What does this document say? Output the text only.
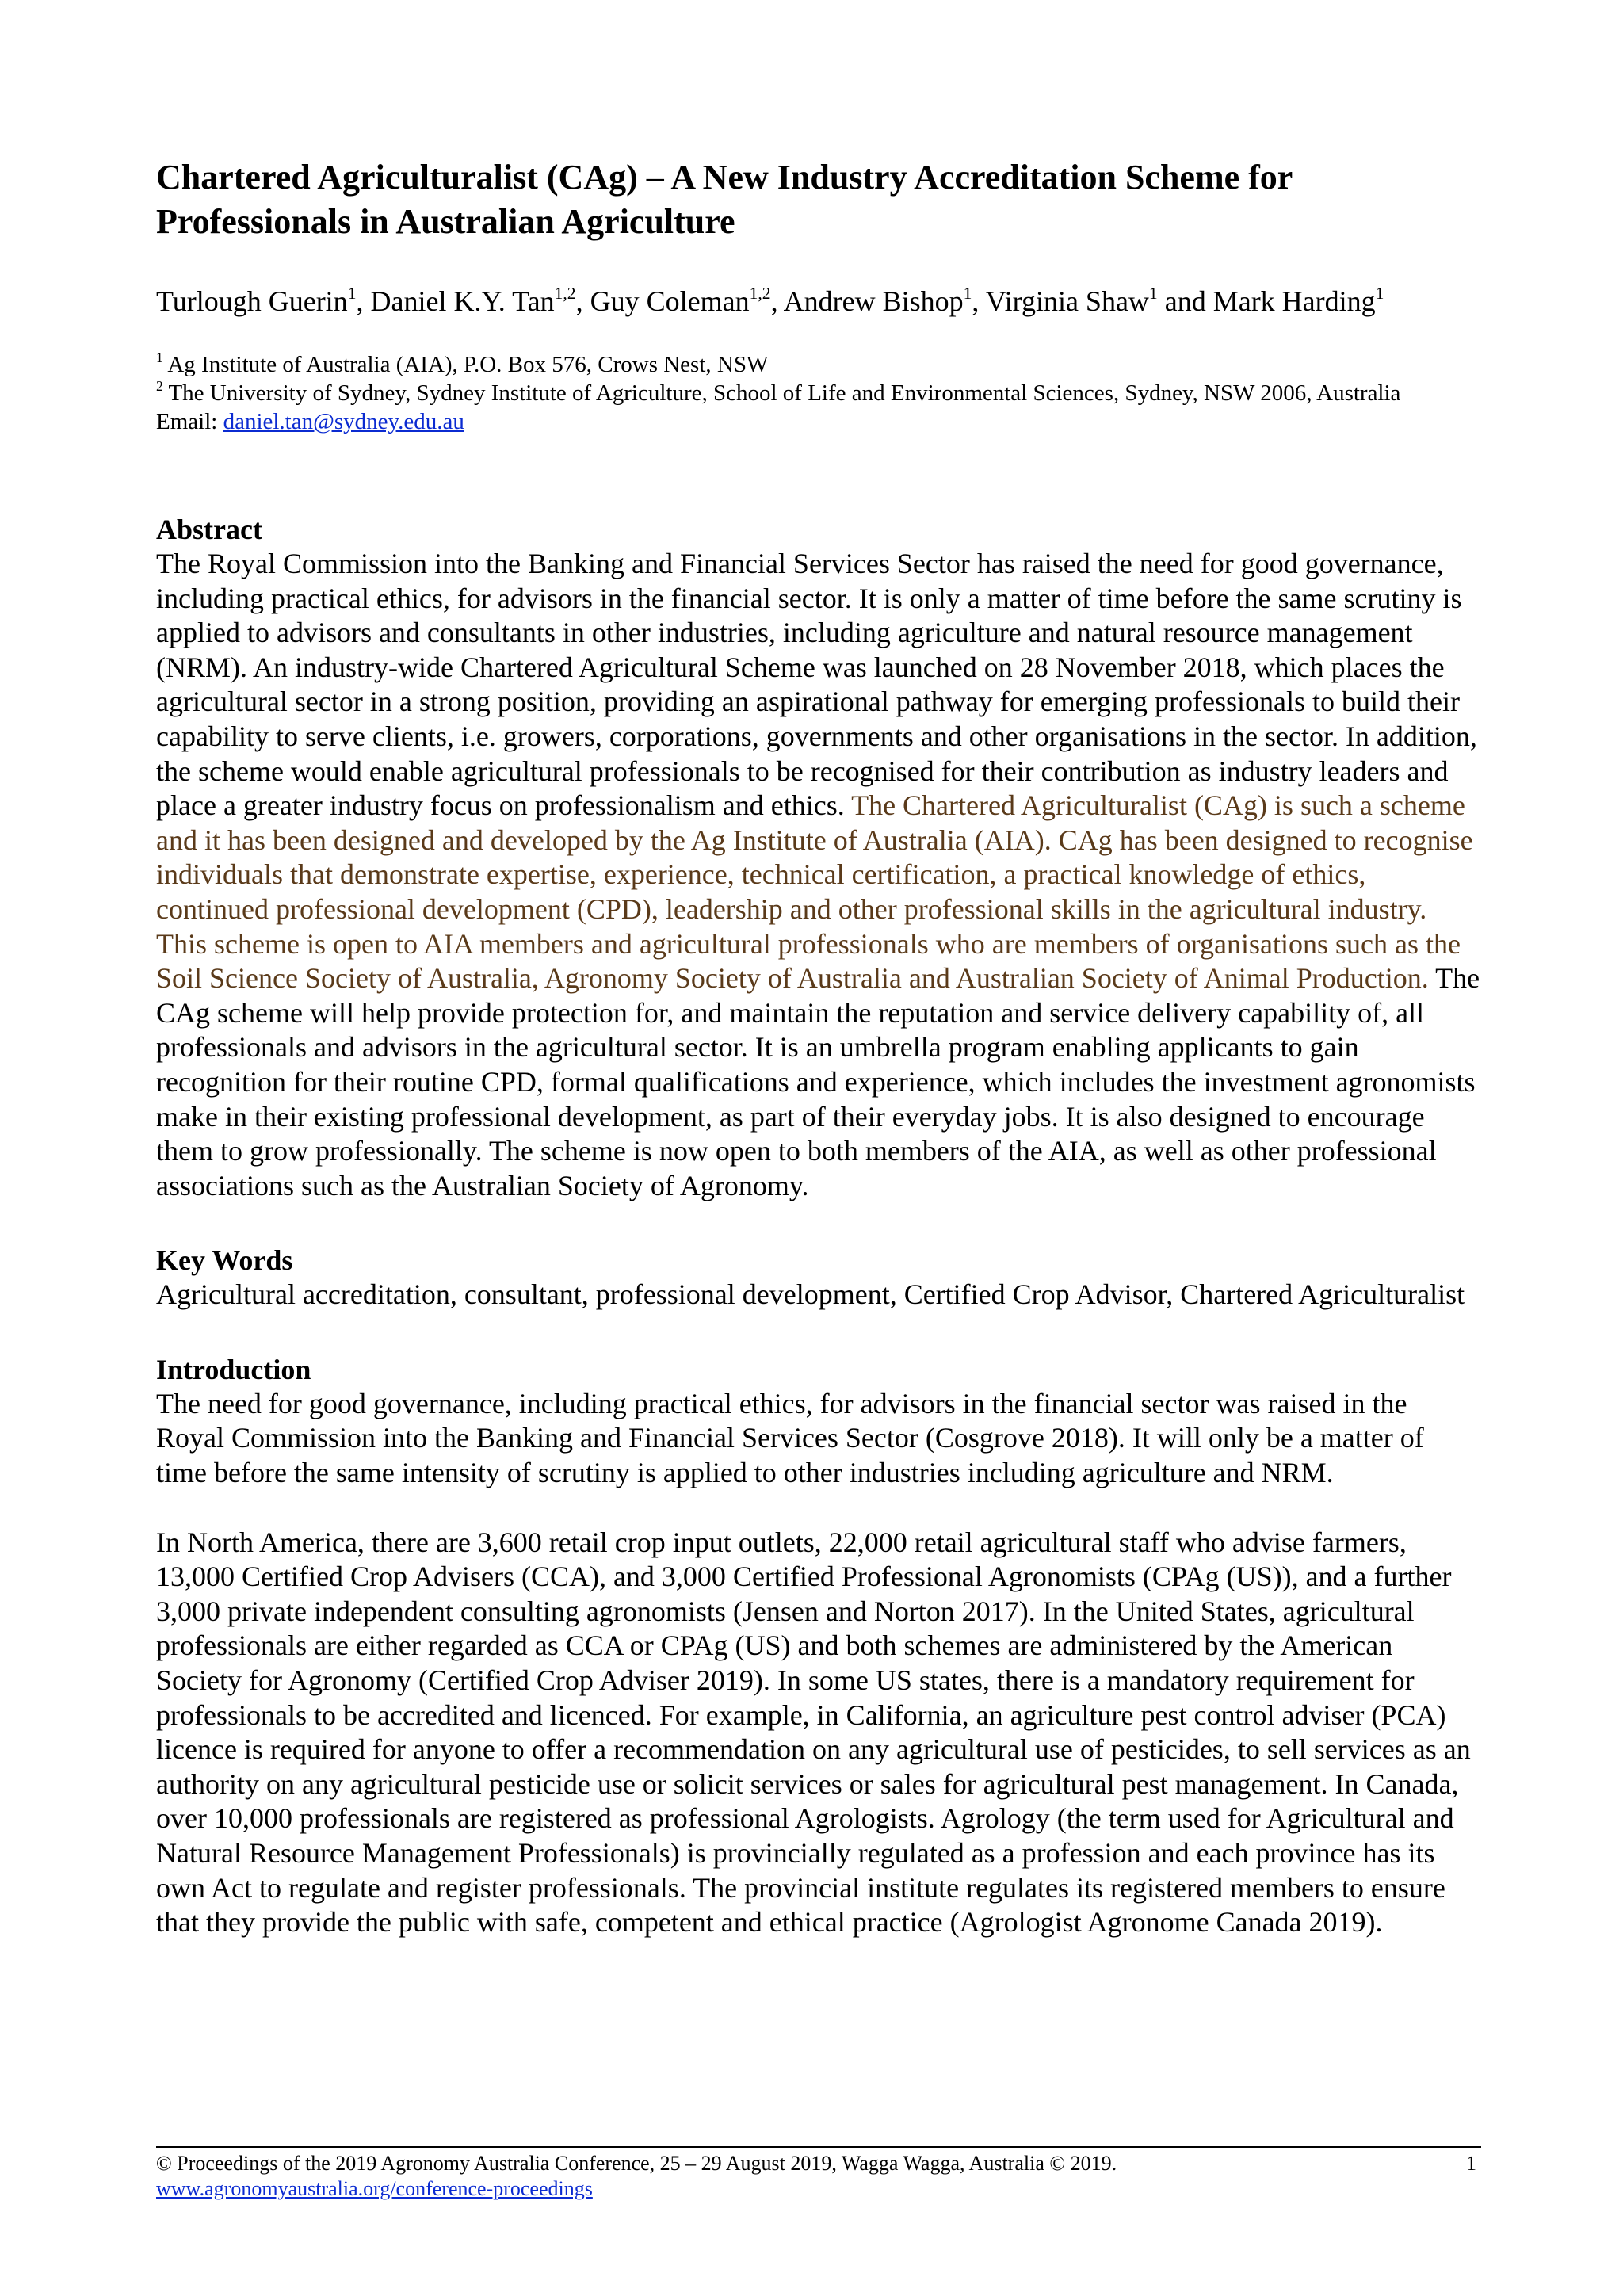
Chartered Agriculturalist (CAg) – A New Industry Accreditation Scheme for Professionals in Australian Agriculture
Turlough Guerin$^1$, Daniel K.Y. Tan$^{1,2}$, Guy Coleman$^{1,2}$, Andrew Bishop$^1$, Virginia Shaw$^1$ and Mark Harding$^1$
$^1$ Ag Institute of Australia (AIA), P.O. Box 576, Crows Nest, NSW
$^2$ The University of Sydney, Sydney Institute of Agriculture, School of Life and Environmental Sciences, Sydney, NSW 2006, Australia
Email: daniel.tan@sydney.edu.au
Abstract

The Royal Commission into the Banking and Financial Services Sector has raised the need for good governance, including practical ethics, for advisors in the financial sector. It is only a matter of time before the same scrutiny is applied to advisors and consultants in other industries, including agriculture and natural resource management (NRM). An industry-wide Chartered Agricultural Scheme was launched on 28 November 2018, which places the agricultural sector in a strong position, providing an aspirational pathway for emerging professionals to build their capability to serve clients, i.e. growers, corporations, governments and other organisations in the sector. In addition, the scheme would enable agricultural professionals to be recognised for their contribution as industry leaders and place a greater industry focus on professionalism and ethics. The Chartered Agriculturalist (CAg) is such a scheme and it has been designed and developed by the Ag Institute of Australia (AIA). CAg has been designed to recognise individuals that demonstrate expertise, experience, technical certification, a practical knowledge of ethics, continued professional development (CPD), leadership and other professional skills in the agricultural industry. This scheme is open to AIA members and agricultural professionals who are members of organisations such as the Soil Science Society of Australia, Agronomy Society of Australia and Australian Society of Animal Production. The CAg scheme will help provide protection for, and maintain the reputation and service delivery capability of, all professionals and advisors in the agricultural sector. It is an umbrella program enabling applicants to gain recognition for their routine CPD, formal qualifications and experience, which includes the investment agronomists make in their existing professional development, as part of their everyday jobs. It is also designed to encourage them to grow professionally. The scheme is now open to both members of the AIA, as well as other professional associations such as the Australian Society of Agronomy.

Key Words

Agricultural accreditation, consultant, professional development, Certified Crop Advisor, Chartered Agriculturalist

Introduction

The need for good governance, including practical ethics, for advisors in the financial sector was raised in the Royal Commission into the Banking and Financial Services Sector (Cosgrove 2018). It will only be a matter of time before the same intensity of scrutiny is applied to other industries including agriculture and NRM.

In North America, there are 3,600 retail crop input outlets, 22,000 retail agricultural staff who advise farmers, 13,000 Certified Crop Advisers (CCA), and 3,000 Certified Professional Agronomists (CPAg (US)), and a further 3,000 private independent consulting agronomists (Jensen and Norton 2017). In the United States, agricultural professionals are either regarded as CCA or CPAg (US) and both schemes are administered by the American Society for Agronomy (Certified Crop Adviser 2019). In some US states, there is a mandatory requirement for professionals to be accredited and licenced. For example, in California, an agriculture pest control adviser (PCA) licence is required for anyone to offer a recommendation on any agricultural use of pesticides, to sell services as an authority on any agricultural pesticide use or solicit services or sales for agricultural pest management. In Canada, over 10,000 professionals are registered as professional Agrologists. Agrology (the term used for Agricultural and Natural Resource Management Professionals) is provincially regulated as a profession and each province has its own Act to regulate and register professionals. The provincial institute regulates its registered members to ensure that they provide the public with safe, competent and ethical practice (Agrologist Agronome Canada 2019).

© Proceedings of the 2019 Agronomy Australia Conference, 25 – 29 August 2019, Wagga Wagga, Australia © 2019.
www.agronomyaustralia.org/conference-proceedings
1
